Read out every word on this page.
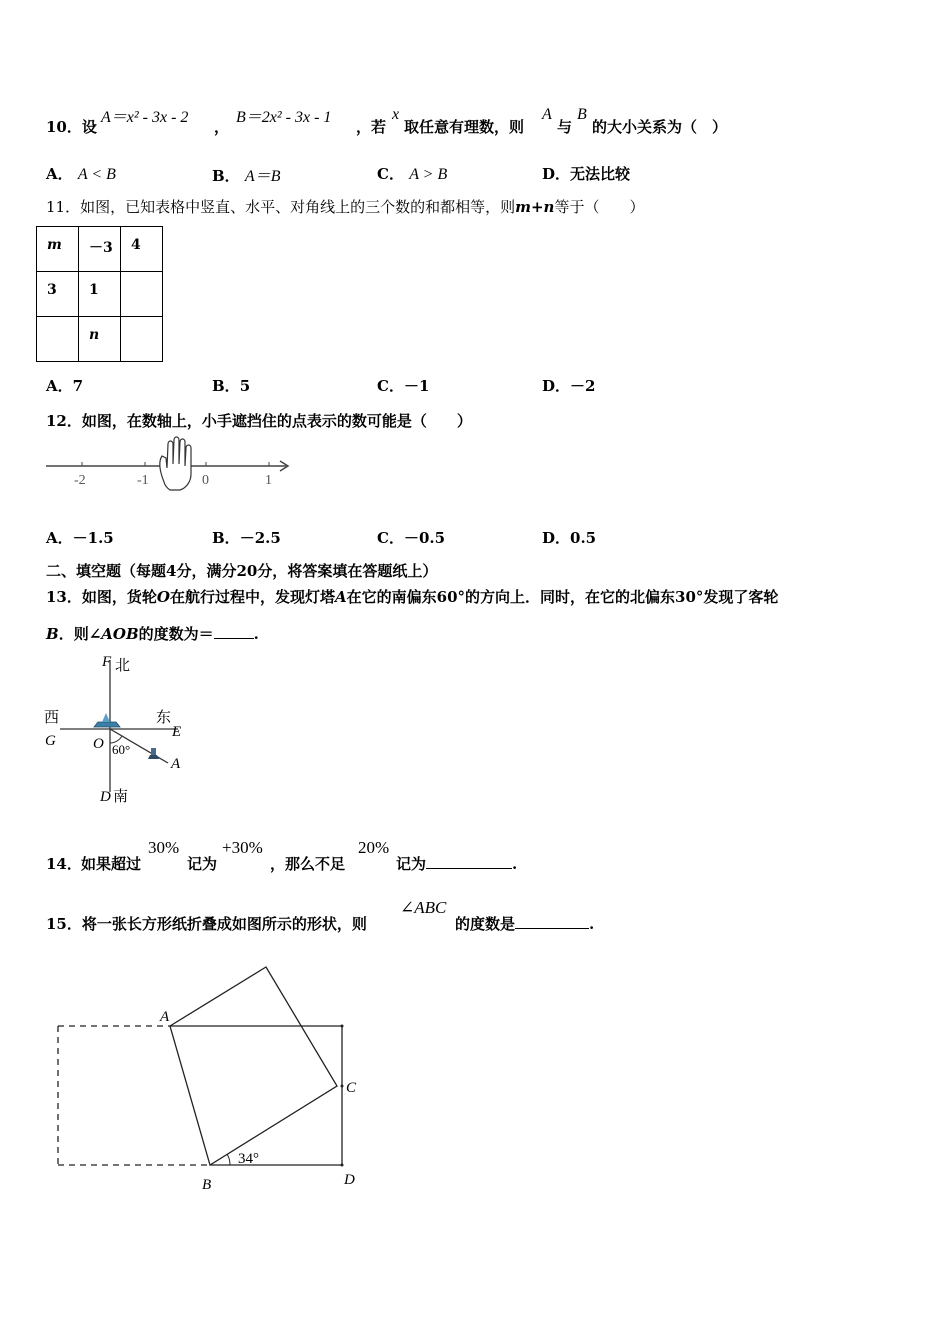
10．设
A＝x² - 3x - 2
，
B＝2x² - 3x - 1
，若
x
取任意有理数，则
A
与
B
的大小关系为（　）
A． A < B	B． A＝B	C． A > B	D．无法比较
11．如图，已知表格中竖直、水平、对角线上的三个数的和都相等，则m+n等于（　　）
m	－3	4
3	1	
	n	
A．7	B．5	C．－1	D．－2
12．如图，在数轴上，小手遮挡住的点表示的数可能是（　　）
-2	-1	0	1
A．－1.5	B．－2.5	C．－0.5	D．0.5
二、填空题（每题4分，满分20分，将答案填在答题纸上）
13．如图，货轮O在航行过程中，发现灯塔A在它的南偏东60°的方向上．同时，在它的北偏东30°发现了客轮
B．则∠AOB的度数为＝	.
F 北
西
G
东
E
O 60°
A
D 南
14． 如果超过
30%
记为
+30%
，那么不足
20%
记为	.
15．将一张长方形纸折叠成如图所示的形状，则
∠ABC
的度数是	.
A
B
C
D
34°
